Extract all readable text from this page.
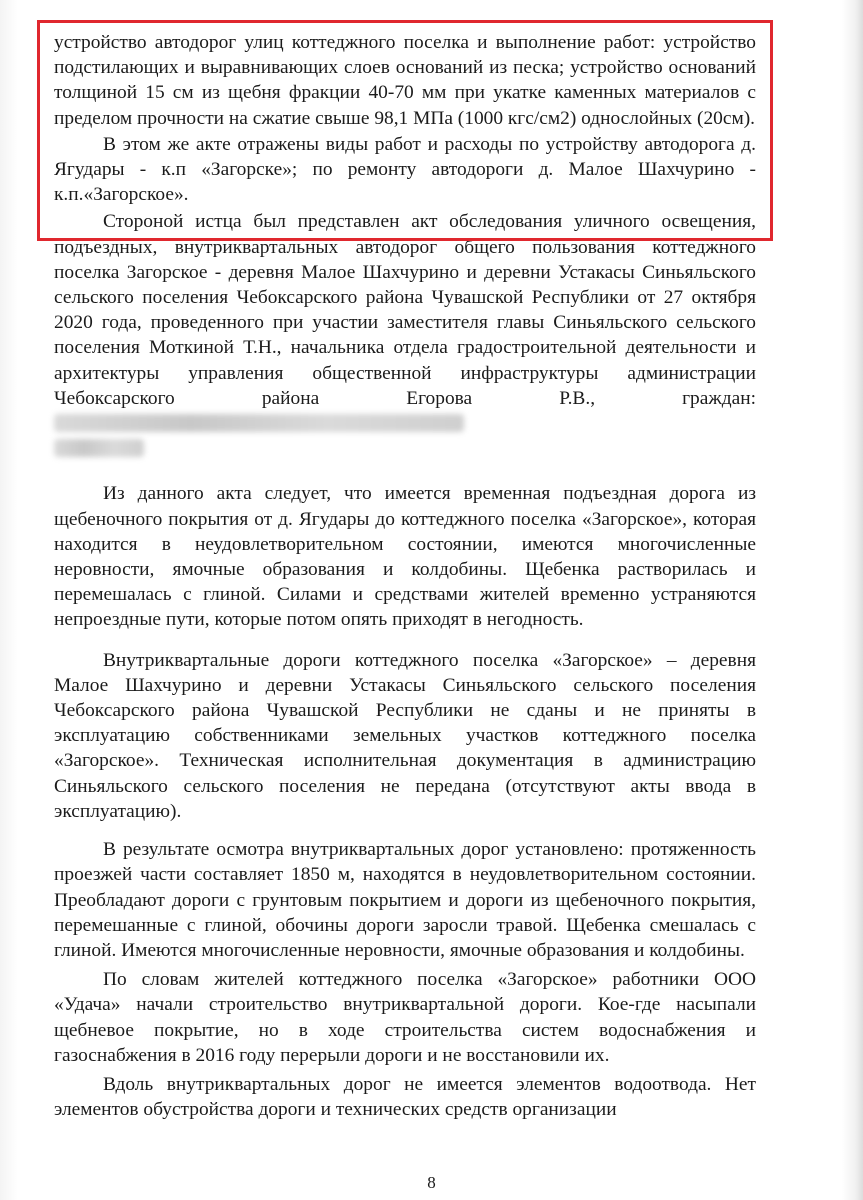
устройство автодорог улиц коттеджного поселка и выполнение работ: устройство подстилающих и выравнивающих слоев оснований из песка; устройство оснований толщиной 15 см из щебня фракции 40-70 мм при укатке каменных материалов с пределом прочности на сжатие свыше 98,1 МПа (1000 кгс/см2) однослойных (20см).

В этом же акте отражены виды работ и расходы по устройству автодорога д. Ягудары - к.п «Загорске»; по ремонту автодороги д. Малое Шахчурино - к.п.«Загорское».

Стороной истца был представлен акт обследования уличного освещения, подъездных, внутриквартальных автодорог общего пользования коттеджного поселка Загорское - деревня Малое Шахчурино и деревни Устакасы Синьяльского сельского поселения Чебоксарского района Чувашской Республики от 27 октября 2020 года, проведенного при участии заместителя главы Синьяльского сельского поселения Моткиной Т.Н., начальника отдела градостроительной деятельности и архитектуры управления общественной инфраструктуры администрации Чебоксарского района Егорова Р.В., граждан:

Из данного акта следует, что имеется временная подъездная дорога из щебеночного покрытия от д. Ягудары до коттеджного поселка «Загорское», которая находится в неудовлетворительном состоянии, имеются многочисленные неровности, ямочные образования и колдобины. Щебенка растворилась и перемешалась с глиной. Силами и средствами жителей временно устраняются непроездные пути, которые потом опять приходят в негодность.

Внутриквартальные дороги коттеджного поселка «Загорское» – деревня Малое Шахчурино и деревни Устакасы Синьяльского сельского поселения Чебоксарского района Чувашской Республики не сданы и не приняты в эксплуатацию собственниками земельных участков коттеджного поселка «Загорское». Техническая исполнительная документация в администрацию Синьяльского сельского поселения не передана (отсутствуют акты ввода в эксплуатацию).

В результате осмотра внутриквартальных дорог установлено: протяженность проезжей части составляет 1850 м, находятся в неудовлетворительном состоянии. Преобладают дороги с грунтовым покрытием и дороги из щебеночного покрытия, перемешанные с глиной, обочины дороги заросли травой. Щебенка смешалась с глиной. Имеются многочисленные неровности, ямочные образования и колдобины.

По словам жителей коттеджного поселка «Загорское» работники ООО «Удача» начали строительство внутриквартальной дороги. Кое-где насыпали щебневое покрытие, но в ходе строительства систем водоснабжения и газоснабжения в 2016 году перерыли дороги и не восстановили их.

Вдоль внутриквартальных дорог не имеется элементов водоотвода. Нет элементов обустройства дороги и технических средств организации

8
